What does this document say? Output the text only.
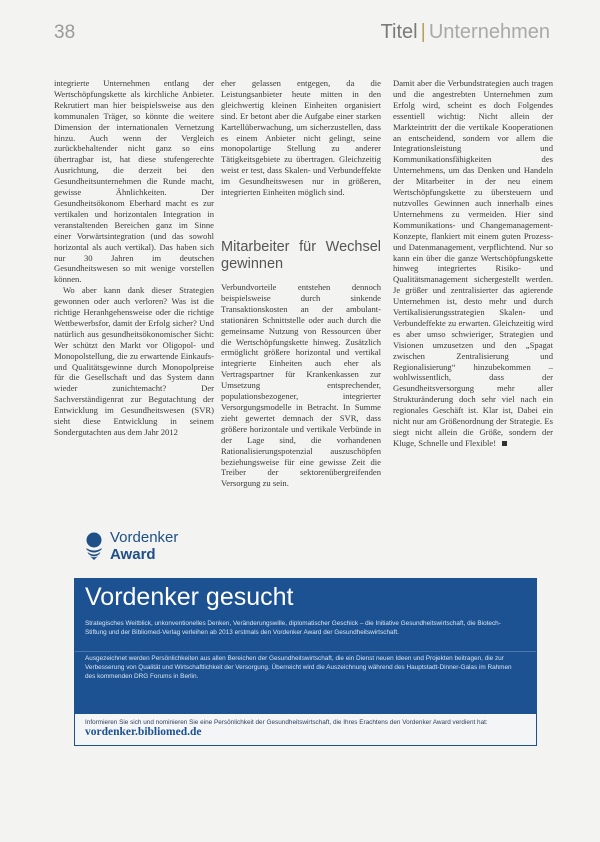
38	Titel | Unternehmen

integrierte Unternehmen entlang der Wertschöpfungskette als kirchliche Anbieter. Rekrutiert man hier beispielsweise aus den kommunalen Träger, so könnte die weitere Dimension der internationalen Vernetzung hinzu. Auch wenn der Vergleich zurückbehaltender nicht ganz so eins übertragbar ist, hat diese stufengerechte Ausrichtung, die derzeit bei den Gesundheitsunternehmen die Runde macht, gewisse Ähnlichkeiten. Der Gesundheitsökonom Eberhard macht es zur vertikalen und horizontalen Integration in veranstaltenden Bereichen ganz im Sinne einer Vorwärtsintegration (und das sowohl horizontal als auch vertikal). Das haben sich nur 30 Jahren im deutschen Gesundheitswesen so mit wenige vorstellen können.

Wo aber kann dank dieser Strategien gewonnen oder auch verloren? Was ist die richtige Heranhgehensweise oder die richtige Wettbewerbsfor, damit der Erfolg sicher? Und natürlich aus gesundheitsökonomischer Sicht: Wer schützt den Markt vor Oligopol- und Monopolstellung, die zu erwartende Einkaufs- und Qualitätsgewinne durch Monopolpreise für die Gesellschaft und das System dann wieder zunichtemacht? Der Sachverständigenrat zur Begutachtung der Entwicklung im Gesundheitswesen (SVR) sieht diese Entwicklung in seinem Sondergutachten aus dem Jahr 2012

eher gelassen entgegen, da die Leistungsanbieter heute mitten in den gleichwertig kleinen Einheiten organisiert sind. Er betont aber die Aufgabe einer starken Kartellüberwachung, um sicherzustellen, dass es einem Anbieter nicht gelingt, seine monopolartige Stellung zu anderer Tätigkeitsgebiete zu übertragen. Gleichzeitig weist er test, dass Skalen- und Verbundeffekte im Gesundheitswesen nur in größeren, integrierten Einheiten möglich sind.

Mitarbeiter für Wechsel gewinnen

Verbundvorteile entstehen dennoch beispielsweise durch sinkende Transaktionskosten an der ambulant-stationären Schnittstelle oder auch durch die gemeinsame Nutzung von Ressourcen über die Wertschöpfungskette hinweg. Zusätzlich ermöglicht größere horizontal und vertikal integrierte Einheiten auch eher als Vertragspartner für Krankenkassen zur Umsetzung entsprechender, populationsbezogener, integrierter Versorgungsmodelle in Betracht. In Summe zieht gewertet demnach der SVR, dass größere horizontale und vertikale Verbünde in der Lage sind, die vorhandenen Rationalisierungspotenzial auszuschöpfen beziehungsweise für eine gewisse Zeit die Treiber der sektorenübergreifenden Versorgung zu sein.

Damit aber die Verbundstrategien auch tragen und die angestrebten Unternehmen zum Erfolg wird, scheint es doch Folgendes essentiell wichtig: Nicht allein der Markteintritt der die vertikale Kooperationen an entscheidend, sondern vor allem die Integrationsleistung und Kommunikationsfähigkeiten des Unternehmens, um das Denken und Handeln der Mitarbeiter in der neu einem Wertschöpfungskette zu übersteuern und nutzvolles Gewinnen auch innerhalb eines Unternehmens zu vermeiden. Hier sind Kommunikations- und Changemanagement-Konzepte, flankiert mit einem guten Prozess- und Datenmanagement, verpflichtend. Nur so kann ein über die ganze Wertschöpfungskette hinweg integriertes Risiko- und Qualitätsmanagement sichergestellt werden. Je größer und zentralisierter das agierende Unternehmen ist, desto mehr und durch Vertikalisierungsstrategien Skalen- und Verbundeffekte zu erwarten. Gleichzeitig wird es aber umso schwieriger, Strategien und Visionen umzusetzen und den „Spagat zwischen Zentralisierung und Regionalisierung“ hinzubekommen – wohlwissentlich, dass der Gesundheitsversorgung mehr aller Strukturänderung doch sehr viel nach ein regionales Geschäft ist. Klar ist, Dabei ein nicht nur am Größenordnung der Strategie. Es siegt nicht allein die Größe, sondern der Kluge, Schnelle und Flexible!

Vordenker
Award
Vordenker gesucht
Strategisches Weitblick, unkonventionelles Denken, Veränderungswille, diplomatischer Geschick – die Initiative Gesundheitswirtschaft, die Biotech-Stiftung und der Bibliomed-Verlag verleihen ab 2013 erstmals den Vordenker Award der Gesundheitswirtschaft.
Ausgezeichnet werden Persönlichkeiten aus allen Bereichen der Gesundheitswirtschaft, die ein Dienst neuen Ideen und Projekten beitragen, die zur Verbesserung von Qualität und Wirtschaftlichkeit der Versorgung. Überreicht wird die Auszeichnung während des Hauptstadt-Dinner-Galas im Rahmen des kommenden DRG Forums in Berlin.
Informieren Sie sich und nominieren Sie eine Persönlichkeit der Gesundheitswirtschaft, die Ihres Erachtens den Vordenker Award verdient hat: vordenker.bibliomed.de
